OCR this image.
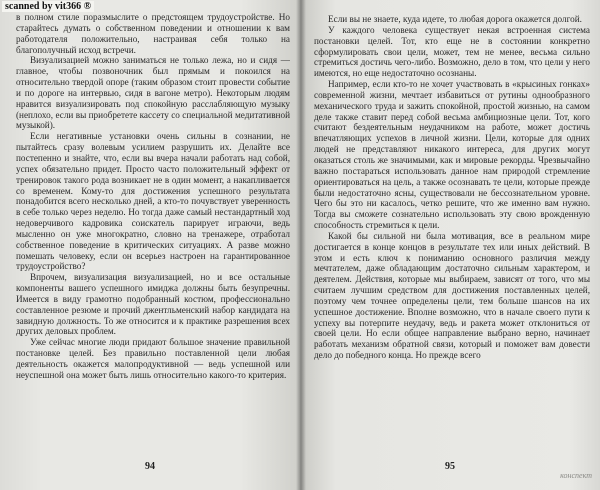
в полном стиле поразмыслите о предстоящем трудоустройстве. Но старайтесь думать о собственном поведении и отношении к вам работодателя положительно, настраивая себя только на благополучный исход встречи.

Визуализацией можно заниматься не только лежа, но и сидя — главное, чтобы позвоночник был прямым и покоился на относительно твердой опоре (таким образом стоит провести событие и по дороге на интервью, сидя в вагоне метро). Некоторым людям нравится визуализировать под спокойную расслабляющую музыку (неплохо, если вы приобретете кассету со специальной медитативной музыкой).

Если негативные установки очень сильны в сознании, не пытайтесь сразу волевым усилием разрушить их. Делайте все постепенно и знайте, что, если вы вчера начали работать над собой, успех обязательно придет. Просто часто положительный эффект от тренировок такого рода возникает не в один момент, а накапливается со временем. Кому-то для достижения успешного результата понадобится всего несколько дней, а кто-то почувствует уверенность в себе только через неделю. Но тогда даже самый нестандартный ход недоверчивого кадровика соискатель парирует играючи, ведь мысленно он уже многократно, словно на тренажере, отработал собственное поведение в критических ситуациях. А разве можно помешать человеку, если он всерьез настроен на гарантированное трудоустройство?

Впрочем, визуализация визуализацией, но и все остальные компоненты вашего успешного имиджа должны быть безупречны. Имеется в виду грамотно подобранный костюм, профессионально составленное резюме и прочий джентльменский набор кандидата на завидную должность. То же относится и к практике разрешения всех других деловых проблем.

Уже сейчас многие люди придают большое значение правильной постановке целей. Без правильно поставленной цели любая деятельность окажется малопродуктивной — ведь успешной или неуспешной она может быть лишь относительно какого-то критерия.

94

Если вы не знаете, куда идете, то любая дорога окажется долгой.

У каждого человека существует некая встроенная система постановки целей. Тот, кто еще не в состоянии конкретно сформулировать свои цели, может, тем не менее, весьма сильно стремиться достичь чего-либо. Возможно, дело в том, что цели у него имеются, но еще недостаточно осознаны.

Например, если кто-то не хочет участвовать в «крысиных гонках» современной жизни, мечтает избавиться от рутины однообразного механического труда и зажить спокойной, простой жизнью, на самом деле также ставит перед собой весьма амбициозные цели. Тот, кого считают бездеятельным неудачником на работе, может достичь впечатляющих успехов в личной жизни. Цели, которые для одних людей не представляют никакого интереса, для других могут оказаться столь же значимыми, как и мировые рекорды. Чрезвычайно важно постараться использовать данное нам природой стремление ориентироваться на цель, а также осознавать те цели, которые прежде были недостаточно ясны, существовали не бессознательном уровне. Чего бы это ни касалось, четко решите, что же именно вам нужно. Тогда вы сможете сознательно использовать эту свою врожденную способность стремиться к цели.

Какой бы сильной ни была мотивация, все в реальном мире достигается в конце концов в результате тех или иных действий. В этом и есть ключ к пониманию основного различия между мечтателем, даже обладающим достаточно сильным характером, и деятелем. Действия, которые мы выбираем, зависят от того, что мы считаем лучшим средством для достижения поставленных целей, поэтому чем точнее определены цели, тем больше шансов на их успешное достижение. Вполне возможно, что в начале своего пути к успеху вы потерпите неудачу, ведь и ракета может отклониться от своей цели. Но если общее направление выбрано верно, начинает работать механизм обратной связи, который и поможет вам довести дело до победного конца. Но прежде всего

95
конспект
scanned by vit366 ®
